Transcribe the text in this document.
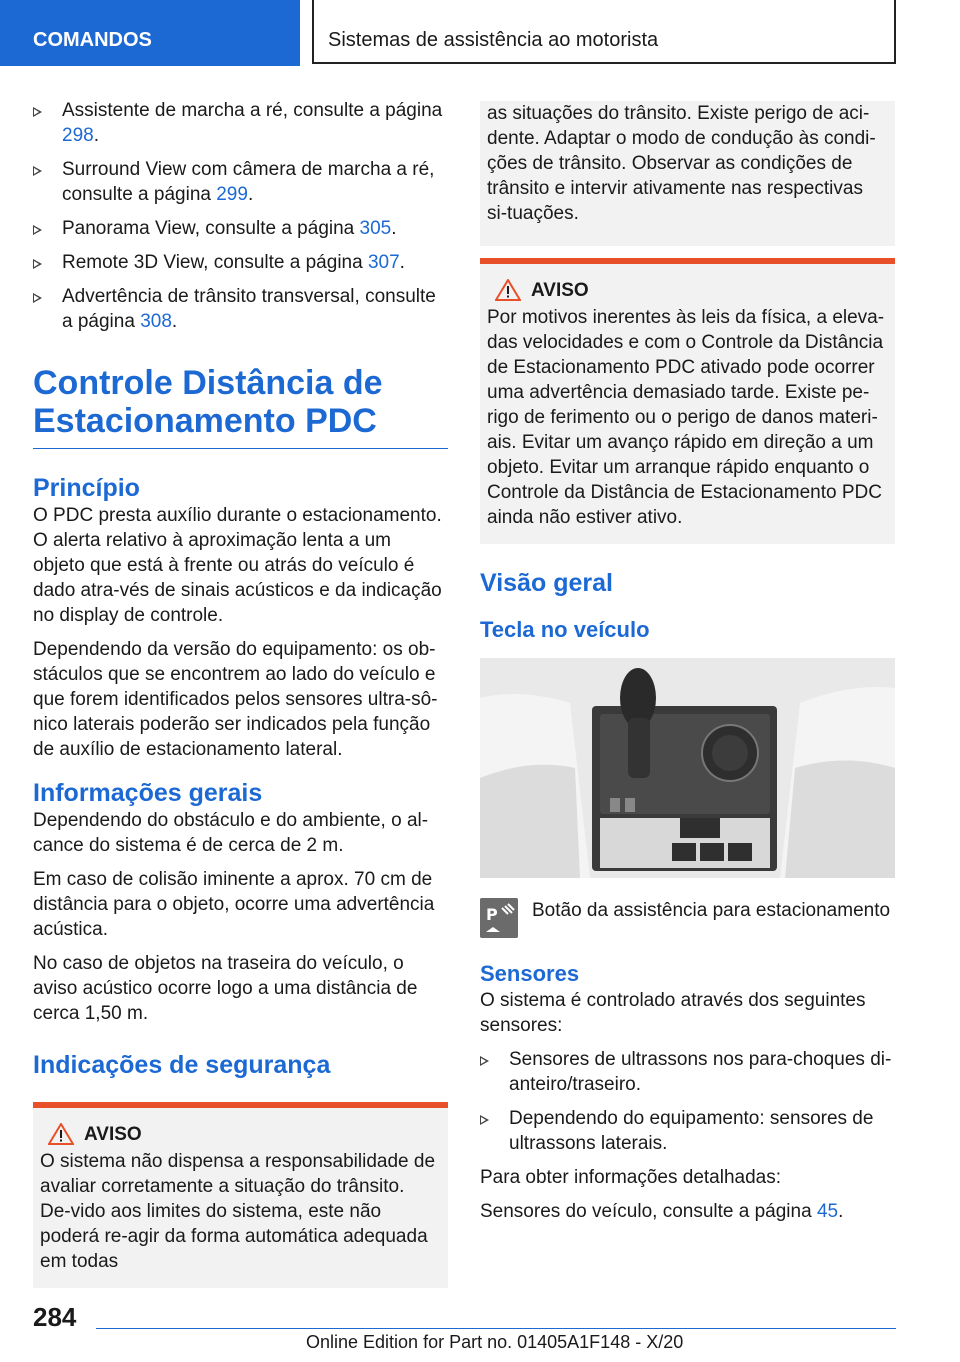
COMANDOS	Sistemas de assistência ao motorista
Assistente de marcha a ré, consulte a página 298.
Surround View com câmera de marcha a ré, consulte a página 299.
Panorama View, consulte a página 305.
Remote 3D View, consulte a página 307.
Advertência de trânsito transversal, consulte a página 308.
Controle Distância de Estacionamento PDC
Princípio

O PDC presta auxílio durante o estacionamento. O alerta relativo à aproximação lenta a um objeto que está à frente ou atrás do veículo é dado atra-vés de sinais acústicos e da indicação no display de controle.

Dependendo da versão do equipamento: os ob-stáculos que se encontrem ao lado do veículo e que forem identificados pelos sensores ultra-sô-nico laterais poderão ser indicados pela função de auxílio de estacionamento lateral.

Informações gerais

Dependendo do obstáculo e do ambiente, o al-cance do sistema é de cerca de 2 m.

Em caso de colisão iminente a aprox. 70 cm de distância para o objeto, ocorre uma advertência acústica.

No caso de objetos na traseira do veículo, o aviso acústico ocorre logo a uma distância de cerca 1,50 m.

Indicações de segurança
AVISO

O sistema não dispensa a responsabilidade de avaliar corretamente a situação do trânsito. De-vido aos limites do sistema, este não poderá re-agir da forma automática adequada em todas

as situações do trânsito. Existe perigo de aci-dente. Adaptar o modo de condução às condi-ções de trânsito. Observar as condições de trânsito e intervir ativamente nas respectivas si-tuações.

AVISO

Por motivos inerentes às leis da física, a eleva-das velocidades e com o Controle da Distância de Estacionamento PDC ativado pode ocorrer uma advertência demasiado tarde. Existe pe-rigo de ferimento ou o perigo de danos materi-ais. Evitar um avanço rápido em direção a um objeto. Evitar um arranque rápido enquanto o Controle da Distância de Estacionamento PDC ainda não estiver ativo.

Visão geral
Tecla no veículo
P Botão da assistência para estacionamento
Sensores

O sistema é controlado através dos seguintes sensores:

Sensores de ultrassons nos para-choques di-anteiro/traseiro.
Dependendo do equipamento: sensores de ultrassons laterais.

Para obter informações detalhadas:

Sensores do veículo, consulte a página 45.

284
Online Edition for Part no. 01405A1F148 - X/20
